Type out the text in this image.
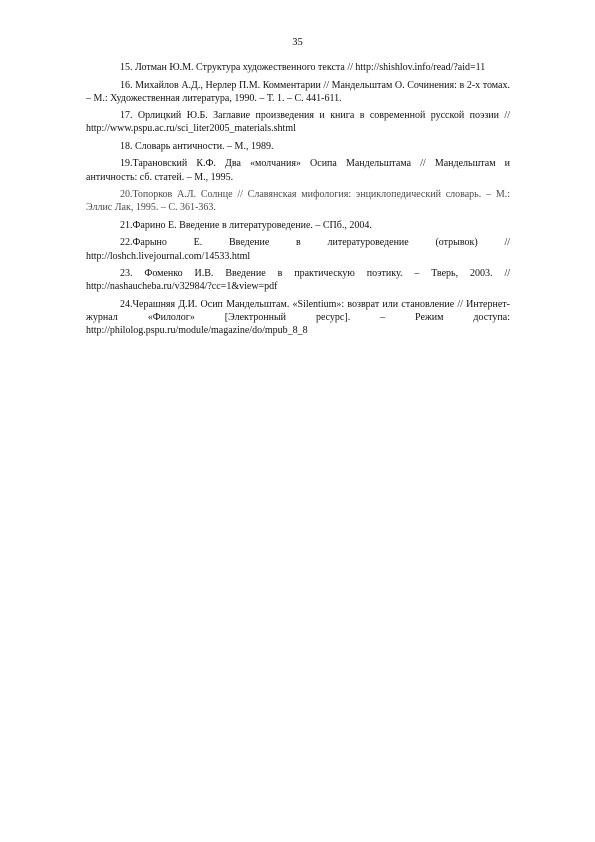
35

15. Лотман Ю.М. Структура художественного текста // http://shishlov.info/read/?aid=11

16. Михайлов А.Д., Нерлер П.М. Комментарии // Мандельштам О. Сочинения: в 2-х томах. – М.: Художественная литература, 1990. – Т. 1. – С. 441-611.

17. Орлицкий Ю.Б. Заглавие произведения и книга в современной русской поэзии // http://www.pspu.ac.ru/sci_liter2005_materials.shtml

18. Словарь античности. – М., 1989.

19.Тарановский К.Ф. Два «молчания» Осипа Мандельштама // Мандельштам и античность: сб. статей. – М., 1995.

20.Топорков А.Л. Солнце // Славянская мифология: энциклопедический словарь. – М.: Эллис Лак, 1995. – С. 361-363.

21.Фарино Е. Введение в литературоведение. – СПб., 2004.

22.Фарыно Е. Введение в литературоведение (отрывок) // http://loshch.livejournal.com/14533.html

23. Фоменко И.В. Введение в практическую поэтику. – Тверь, 2003. // http://nashaucheba.ru/v32984/?cc=1&view=pdf

24.Черашняя Д.И. Осип Мандельштам. «Silentium»: возврат или становление // Интернет-журнал «Филолог» [Электронный ресурс]. – Режим доступа: http://philolog.pspu.ru/module/magazine/do/mpub_8_8
